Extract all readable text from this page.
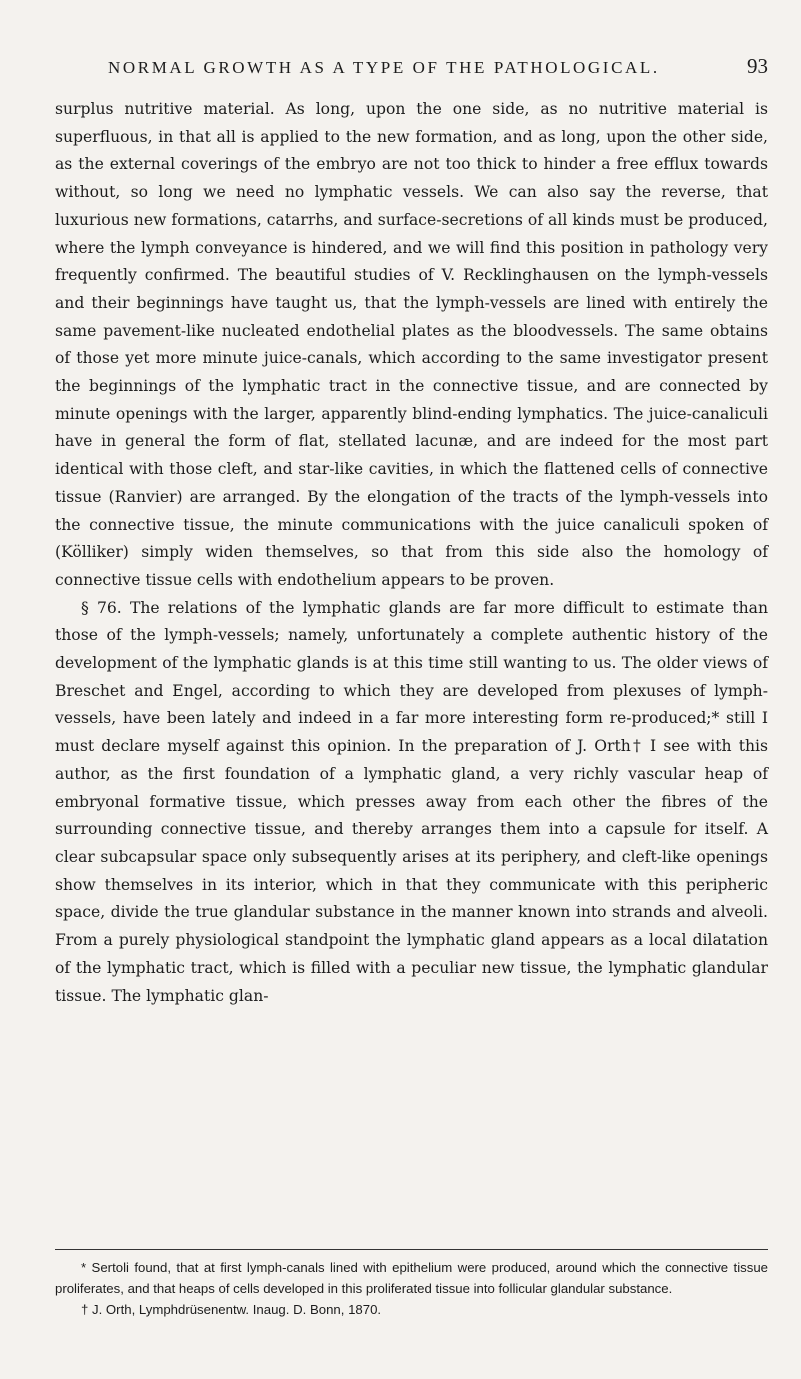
NORMAL GROWTH AS A TYPE OF THE PATHOLOGICAL.	93

surplus nutritive material. As long, upon the one side, as no nutritive material is superfluous, in that all is applied to the new formation, and as long, upon the other side, as the external coverings of the embryo are not too thick to hinder a free efflux towards without, so long we need no lymphatic vessels. We can also say the reverse, that luxurious new formations, catarrhs, and surface-secretions of all kinds must be produced, where the lymph conveyance is hindered, and we will find this position in pathology very frequently confirmed. The beautiful studies of V. Recklinghausen on the lymph-vessels and their beginnings have taught us, that the lymph-vessels are lined with entirely the same pavement-like nucleated endothelial plates as the bloodvessels. The same obtains of those yet more minute juice-canals, which according to the same investigator present the beginnings of the lymphatic tract in the connective tissue, and are connected by minute openings with the larger, apparently blind-ending lymphatics. The juice-canaliculi have in general the form of flat, stellated lacunæ, and are indeed for the most part identical with those cleft, and star-like cavities, in which the flattened cells of connective tissue (Ranvier) are arranged. By the elongation of the tracts of the lymph-vessels into the connective tissue, the minute communications with the juice canaliculi spoken of (Kölliker) simply widen themselves, so that from this side also the homology of connective tissue cells with endothelium appears to be proven.

§ 76. The relations of the lymphatic glands are far more difficult to estimate than those of the lymph-vessels; namely, unfortunately a complete authentic history of the development of the lymphatic glands is at this time still wanting to us. The older views of Breschet and Engel, according to which they are developed from plexuses of lymph-vessels, have been lately and indeed in a far more interesting form re-produced;* still I must declare myself against this opinion. In the preparation of J. Orth† I see with this author, as the first foundation of a lymphatic gland, a very richly vascular heap of embryonal formative tissue, which presses away from each other the fibres of the surrounding connective tissue, and thereby arranges them into a capsule for itself. A clear subcapsular space only subsequently arises at its periphery, and cleft-like openings show themselves in its interior, which in that they communicate with this peripheric space, divide the true glandular substance in the manner known into strands and alveoli. From a purely physiological standpoint the lymphatic gland appears as a local dilatation of the lymphatic tract, which is filled with a peculiar new tissue, the lymphatic glandular tissue. The lymphatic glan-

* Sertoli found, that at first lymph-canals lined with epithelium were produced, around which the connective tissue proliferates, and that heaps of cells developed in this proliferated tissue into follicular glandular substance.

† J. Orth, Lymphdrüsenentw. Inaug. D. Bonn, 1870.
